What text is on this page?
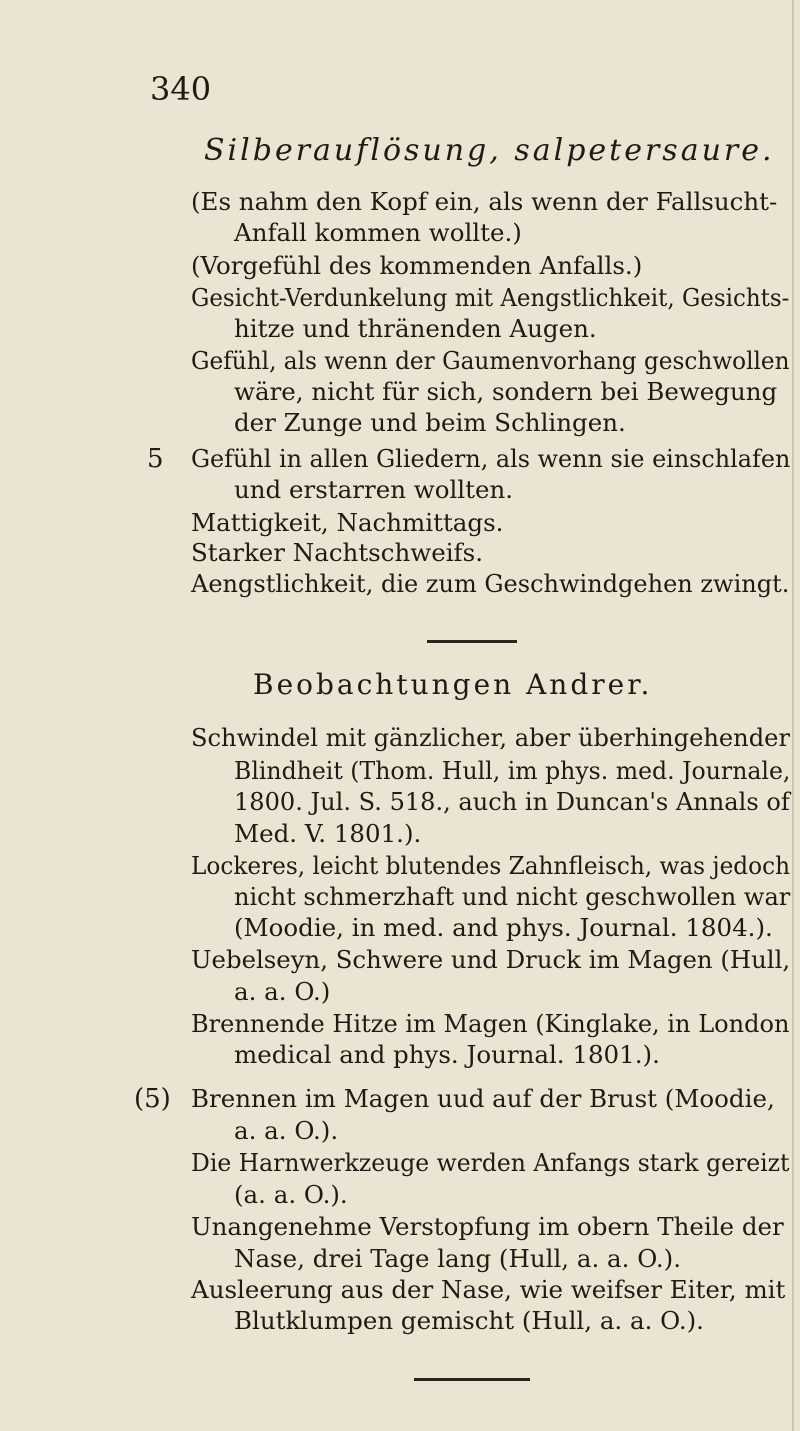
340
Silberauflösung, salpetersaure.
(Es nahm den Kopf ein, als wenn der Fallsucht-
Anfall kommen wollte.)
(Vorgefühl des kommenden Anfalls.)
Gesicht-Verdunkelung mit Aengstlichkeit, Gesichts-
hitze und thränenden Augen.
Gefühl, als wenn der Gaumenvorhang geschwollen
wäre, nicht für sich, sondern bei Bewegung
der Zunge und beim Schlingen.
5 Gefühl in allen Gliedern, als wenn sie einschlafen
und erstarren wollten.
Mattigkeit, Nachmittags.
Starker Nachtschweifs.
Aengstlichkeit, die zum Geschwindgehen zwingt.
Beobachtungen Andrer.
Schwindel mit gänzlicher, aber überhingehender
Blindheit (Thom. Hull, im phys. med. Journale,
1800. Jul. S. 518., auch in Duncan's Annals of
Med. V. 1801.).
Lockeres, leicht blutendes Zahnfleisch, was jedoch
nicht schmerzhaft und nicht geschwollen war
(Moodie, in med. and phys. Journal. 1804.).
Uebelseyn, Schwere und Druck im Magen (Hull,
a. a. O.)
Brennende Hitze im Magen (Kinglake, in London
medical and phys. Journal. 1801.).
(5) Brennen im Magen uud auf der Brust (Moodie,
a. a. O.).
Die Harnwerkzeuge werden Anfangs stark gereizt
(a. a. O.).
Unangenehme Verstopfung im obern Theile der
Nase, drei Tage lang (Hull, a. a. O.).
Ausleerung aus der Nase, wie weifser Eiter, mit
Blutklumpen gemischt (Hull, a. a. O.).
